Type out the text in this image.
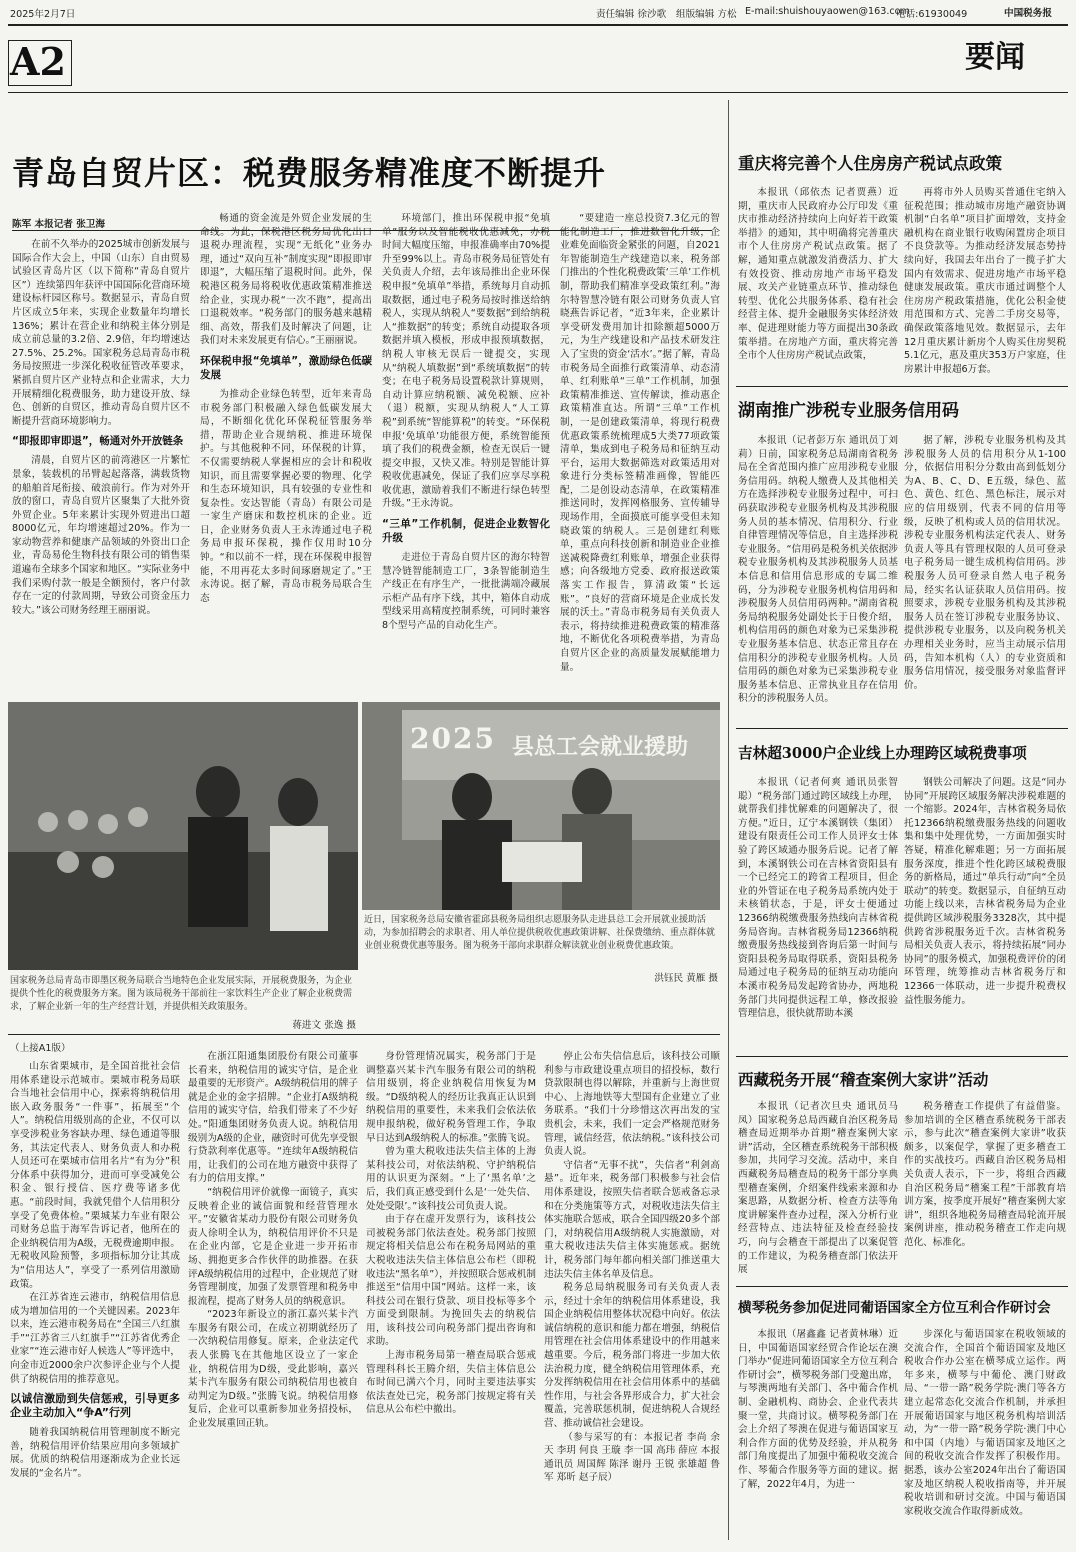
2025年2月7日	责任编辑 徐沙歌 组版编辑 方松 E-mail:shuishouyaowen@163.com
电话:61930049	中国税务报
A2	要闻
青岛自贸片区：税费服务精准度不断提升
陈军 本报记者 张卫海

在前不久举办的2025城市创新发展与国际合作大会上，中国（山东）自由贸易试验区青岛片区（以下简称“青岛自贸片区”）连续第四年获评中国国际化营商环境建设标杆园区称号。数据显示，青岛自贸片区成立5年来，实现企业数量年均增长136%；累计在营企业和纳税主体分别是成立前总量的3.2倍、2.9倍，年均增速达27.5%、25.2%。国家税务总局青岛市税务局按照进一步深化税收征管改革要求，紧抓自贸片区产业特点和企业需求，大力开展精细化税费服务，助力建设开放、绿色、创新的自贸区，推动青岛自贸片区不断提升营商环境影响力。

“即报即审即退”，畅通对外开放链条

清晨，自贸片区的前湾港区一片繁忙景象，装载机的吊臂起起落落，满载货物的船舶首尾衔接、破浪前行。作为对外开放的窗口，青岛自贸片区聚集了大批外资外贸企业。5年来累计实现外贸进出口超8000亿元，年均增速超过20%。作为一家动物营养和健康产品领域的外资出口企业，青岛易伦生物科技有限公司的销售渠道遍布全球多个国家和地区。“实际业务中我们采购付款一般是全额预付，客户付款存在一定的付款周期，导致公司资金压力较大。”该公司财务经理王丽丽说。

畅通的资金流是外贸企业发展的生命线。为此，保税港区税务局优化出口退税办理流程，实现“无纸化”业务办理，通过“双向互补”制度实现“即报即审即退”，大幅压缩了退税时间。此外，保税港区税务局将税收优惠政策精准推送给企业，实现办税“一次不跑”，提高出口退税效率。“税务部门的服务越来越精细、高效，帮我们及时解决了问题，让我们对未来发展更有信心。”王丽丽说。

环保税申报“免填单”，激励绿色低碳发展

为推动企业绿色转型，近年来青岛市税务部门积极融入绿色低碳发展大局，不断细化优化环保税征管服务举措，帮助企业合规纳税、推进环境保护。与其他税种不同，环保税的计算，不仅需要纳税人掌握相应的会计和税收知识，而且需要掌握必要的物理、化学和生态环境知识，具有较强的专业性和复杂性。安达智能（青岛）有限公司是一家生产磨床和数控机床的企业。近日，企业财务负责人王永涛通过电子税务局申报环保税，操作仅用时10分钟。“和以前不一样，现在环保税申报智能，不用再花太多时间琢磨规定了。”王永涛说。据了解，青岛市税务局联合生态

环境部门，推出环保税申报“免填单”服务以及智能税收优惠减免，办税时间大幅度压缩，申报准确率由70%提升至99%以上。青岛市税务局征管处有关负责人介绍，去年该局推出企业环保税申报“免填单”举措，系统每月自动抓取数据，通过电子税务局按时推送给纳税人，实现从纳税人“要数据”到给纳税人“推数据”的转变；系统自动提取各项数据并填入模板，形成申报预填数据，纳税人审核无误后一键提交，实现从“纳税人填数据”到“系统填数据”的转变；在电子税务局设置税款计算规则，自动计算应纳税额、减免税额、应补（退）税额，实现从纳税人“人工算税”到系统“智能算税”的转变。“环保税申报‘免填单’功能很方便，系统智能预填了我们的税费金额，检查无误后一键提交申报，又快又准。特别是智能计算税收优惠减免，保证了我们应享尽享税收优惠，激励着我们不断进行绿色转型升级。”王永涛说。

“三单”工作机制，促进企业数智化升级

走进位于青岛自贸片区的海尔特智慧冷链智能制造工厂，3条智能制造生产线正在有序生产，一批批满端冷藏展示柜产品有序下线，其中，箱体自动成型线采用高精度控制系统，可同时兼容8个型号产品的自动化生产。

“要建造一座总投资7.3亿元的智能化制造工厂，推进数智化升级，企业难免面临资金紧张的问题，自2021年智能制造生产线建造以来，税务部门推出的个性化税费政策‘三单’工作机制，帮助我们精准享受政策红利。”海尔特智慧冷链有限公司财务负责人官晓燕告诉记者，“近3年来，企业累计享受研发费用加计扣除额超5000万元，为生产线建设和产品技术研发注入了宝贵的资金‘活水’。”据了解，青岛市税务局全面推行政策清单、动态清单、红利账单“三单”工作机制，加强政策精准推送、宣传解读，推动惠企政策精准直达。所谓“三单”工作机制，一是创建政策清单，将现行税费优惠政策系统梳理成5大类77项政策清单，集成到电子税务局和征纳互动平台，运用大数据筛选对政策适用对象进行分类标签精准画像，智能匹配，二是创设动态清单，在政策精准推送同时，发挥网格服务、宣传辅导现场作用，全面摸底可能享受但未知晓政策的纳税人。三是创建红利账单，重点向科技创新和制造业企业推送减税降费红利账单，增强企业获得感；向各级地方党委、政府报送政策落实工作报告，算清政策“长远账”。“良好的营商环境是企业成长发展的沃土。”青岛市税务局有关负责人表示，将持续推进税费政策的精准落地，不断优化各项税费举措，为青岛自贸片区企业的高质量发展赋能增力量。

2025 县总工会就业援助
国家税务总局青岛市即墨区税务局联合当地特色企业发展实际，开展税费服务，为企业提供个性化的税费服务方案。图为该局税务干部前往一家饮料生产企业了解企业税费需求，了解企业新一年的生产经营计划，并提供相关政策服务。
蒋进文 张逸 摄
近日，国家税务总局安徽省霍邱县税务局组织志愿服务队走进县总工会开展就业援助活动，为参加招聘会的求职者、用人单位提供税收优惠政策讲解、社保费缴纳、重点群体就业创业税费优惠等服务。图为税务干部向求职群众解读就业创业税费优惠政策。
洪钰民 黄雁 摄
（上接A1版）

山东省栗城市，是全国首批社会信用体系建设示范城市。栗城市税务局联合当地社会信用中心，探索将纳税信用嵌入政务服务“一件事”，拓展至“个人”。纳税信用级别高的企业，不仅可以享受涉税业务容缺办理、绿色通道等服务，其法定代表人、财务负责人和办税人员还可在栗城市信用名片“有为分”积分体系中获得加分，进而可享受减免公积金、银行授信、医疗费等诸多优惠。“前段时间，我就凭借个人信用积分享受了免费体检。”栗城某力车业有限公司财务总监于海军告诉记者，他所在的企业纳税信用为A级，无税费逾期申报。无税收风险预警，多项指标加分让其成为“信用达人”，享受了一系列信用激励政策。

在江苏省连云港市，纳税信用信息成为增加信用的一个关键因素。2023年以来，连云港市税务局在“全国三八红旗手”“江苏省三八红旗手”“江苏省优秀企业家”“连云港市好人候选人”等评选中，向金市近2000余户次参评企业与个人提供了纳税信用的推荐意见。

以诚信激励到失信惩戒，引导更多企业主动加入“争A”行列

随着我国纳税信用管理制度不断完善，纳税信用评价结果应用向多领域扩展。优质的纳税信用逐渐成为企业长远发展的“金名片”。

在浙江阳通集团股份有限公司董事长看来，纳税信用的诚实守信，是企业最重要的无形资产。A级纳税信用的牌子就是企业的金字招牌。“企业打A级纳税信用的诚实守信，给我们带来了不少好处。”阳通集团财务负责人说。纳税信用级别为A级的企业，融资时可优先享受银行贷款利率优惠等。“连续年A级纳税信用，让我们的公司在地方融资中获得了有力的信用支撑。”

“纳税信用评价就像一面镜子，真实反映着企业的诚信面貌和经营管理水平。”安徽省某动力股份有限公司财务负责人徐明全认为，纳税信用评价不只是在企业内部，它是企业进一步开拓市场、拥抱更多合作伙伴的助推器。在获评A级纳税信用的过程中，企业规范了财务管理制度，加强了发票管理和税务申报流程，提高了财务人员的纳税意识。

“2023年新设立的浙江嘉兴某卡汽车服务有限公司，在成立初期就经历了一次纳税信用修复。原来，企业法定代表人张腾飞在其他地区设立了一家企业，纳税信用为D级，受此影响，嘉兴某卡汽车服务有限公司纳税信用也被自动判定为D级。”张腾飞说。纳税信用修复后，企业可以重新参加业务招投标，企业发展重回正轨。

身份管理情况属实，税务部门于是调整嘉兴某卡汽车服务有限公司的纳税信用级别，将企业纳税信用恢复为M级。“D级纳税人的经历让我真正认识到纳税信用的重要性，未来我们会依法依规申报纳税，做好税务管理工作，争取早日达到A级纳税人的标准。”张腾飞说。

曾为重大税收违法失信主体的上海某科技公司，对依法纳税、守护纳税信用的认识更为深刻。“上了‘黑名单’之后，我们真正感受到什么是‘一处失信、处处受限’。”该科技公司负责人说。

由于存在虚开发票行为，该科技公司被税务部门依法查处。税务部门按照规定将相关信息公布在税务局网站的重大税收违法失信主体信息公布栏（即税收违法“黑名单”），并按照联合惩戒机制推送至“信用中国”网站。这样一来，该科技公司在银行贷款、项目投标等多个方面受到限制。为挽回失去的纳税信用，该科技公司向税务部门提出咨询和求助。

上海市税务局第一稽查局联合惩戒管理科科长王腾介绍，失信主体信息公布时间已满六个月，同时主要违法事实依法查处已完，税务部门按规定将有关信息从公布栏中撤出。

停止公布失信信息后，该科技公司顺利参与市政建设重点项目的招投标，数行贷款限制也得以解除，并重新与上海世贸中心、上海地铁等大型国有企业建立了业务联系。“我们十分珍惜这次再出发的宝贵机会，未来，我们一定会严格规范财务管理，诚信经营，依法纳税。”该科技公司负责人说。

守信者“无事不扰”，失信者“利剑高悬”。近年来，税务部门积极参与社会信用体系建设，按照失信者联合惩戒备忘录和在分类施策等方式，对税收违法失信主体实施联合惩戒，联合全国四级20多个部门，对纳税信用A级纳税人实施激励，对重大税收违法失信主体实施惩戒。据统计，税务部门每年都向相关部门推送重大违法失信主体名单及信息。

税务总局纳税服务司有关负责人表示，经过十余年的纳税信用体系建设，我国企业纳税信用整体状况稳中向好。依法诚信纳税的意识和能力都在增强，纳税信用管理在社会信用体系建设中的作用越来越重要。今后，税务部门将进一步加大依法治税力度，健全纳税信用管理体系，充分发挥纳税信用在社会信用体系中的基础性作用，与社会各界形成合力，扩大社会覆盖，完善联惩机制，促进纳税人合规经营、推动诚信社会建设。

（参与采写的有：本报记者 李尚 余天 李玥 何良 王璇 李一国 高玮 薛应 本报通讯员 周国辉 陈泽 谢丹 王锐 张雄超 鲁军 郑昕 赵子辰）

重庆将完善个人住房房产税试点政策
本报讯（邱依杰 记者贾燕）近期，重庆市人民政府办公厅印发《重庆市推动经济持续向上向好若干政策举措》的通知，其中明确将完善重庆市个人住房房产税试点政策。据了解，通知重点就激发消费活力、扩大有效投资、推动房地产市场平稳发展、攻关产业链重点环节、推动绿色转型、优化公共服务体系、稳有社会经营主体、提升金融服务实体经济效率、促进理财能力等方面提出30条政策举措。在房地产方面，重庆将完善全市个人住房房产税试点政策，
再将市外人员购买普通住宅纳入征税范围；推动城市房地产融资协调机制“白名单”项目扩面增效，支持金融机构在商业银行收购闲置房企项目不良贷款等。为推动经济发展态势持续向好，我国去年出台了一揽子扩大国内有效需求、促进房地产市场平稳健康发展政策。重庆市通过调整个人住房房产税政策措施，优化公积金使用范围和方式、完善二手房交易等，确保政策落地见效。数据显示，去年12月重庆累计新房个人购买住房契税5.1亿元，惠及重庆353万户家庭，住房累计申报超6万套。
湖南推广涉税专业服务信用码
本报讯（记者彭万东 通讯员丁刘莉）日前，国家税务总局湖南省税务局在全省范围内推广应用涉税专业服务信用码。纳税人缴费人及其他相关方在选择涉税专业服务过程中，可扫码获取涉税专业服务机构及其涉税服务人员的基本情况、信用积分、行业自律管理情况等信息，自主选择涉税专业服务。“信用码是税务机关依据涉税专业服务机构及其涉税服务人员基本信息和信用信息形成的专属二维码，分为涉税专业服务机构信用码和涉税服务人员信用码两种。”湖南省税务局纳税服务处副处长于日俊介绍，机构信用码的颜色对象为已采集涉税专业服务基本信息、状态正常且存在信用积分的涉税专业服务机构。人员信用码的颜色对象为已采集涉税专业服务基本信息、正常执业且存在信用积分的涉税服务人员。
据了解，涉税专业服务机构及其涉税服务人员的信用积分从1-100分，依据信用积分分数由高到低划分为A、B、C、D、E五级，绿色、蓝色、黄色、红色、黑色标注，展示对应的信用级别，代表不同的信用等级，反映了机构或人员的信用状况。涉税专业服务机构法定代表人、财务负责人等具有管理权限的人员可登录电子税务局一键生成机构信用码。涉税服务人员可登录自然人电子税务局，经实名认证获取人员信用码。按照要求，涉税专业服务机构及其涉税服务人员在签订涉税专业服务协议、提供涉税专业服务，以及向税务机关办理相关业务时，应当主动展示信用码，告知本机构（人）的专业资质和服务信用情况，接受服务对象监督评价。
吉林超3000户企业线上办理跨区域税费事项
本报讯（记者何爽 通讯员张智聪）“税务部门通过跨区域线上办理，就帮我们排忧解难的问题解决了，很方便。”近日，辽宁本溪钢铁（集团）建设有限责任公司工作人员评女士体验了跨区域通办服务后说。记者了解到，本溪钢铁公司在吉林省资阳县有一个已经完工的跨省工程项目，但企业的外管证在电子税务局系统内处于未核销状态，于是，评女士便通过12366纳税缴费服务热线向吉林省税务局咨询。吉林省税务局12366纳税缴费服务热线接到咨询后第一时间与资阳县税务局取得联系，资阳县税务局通过电子税务局的征纳互动功能向本溪市税务局发起跨省协办，两地税务部门共同提供远程工单，修改报验管理信息，很快就帮助本溪
钢铁公司解决了问题。这是“同办协同”开展跨区域服务解决涉税难题的一个缩影。2024年，吉林省税务局依托12366纳税缴费服务热线的问题收集和集中处理优势，一方面加强实时答疑，精准化解难题；另一方面拓展服务深度，推进个性化跨区域税费服务的新格局，通过“单兵行动”向“全员联动”的转变。数据显示，自征纳互动功能上线以来，吉林省税务局为企业提供跨区域涉税服务3328次，其中提供跨省涉税服务近千次。吉林省税务局相关负责人表示，将持续拓展“同办协同”的服务模式，加强税费评价的闭环管理，统筹推动吉林省税务厅和12366一体联动，进一步提升税费权益性服务能力。
西藏税务开展“稽查案例大家讲”活动
本报讯（记者次旦央 通讯员马凤）国家税务总局西藏自治区税务局稽查局近期举办首期“稽查案例大家讲”活动，全区稽查系统税务干部积极参加，共同学习交流。活动中，来自西藏税务局稽查局的税务干部分享典型稽查案例，介绍案件线索来源和办案思路，从数据分析、检查方法等角度讲解案件查办过程，深入分析行业经营特点、违法特征及检查经验技巧，向与会稽查干部提出了以案促管的工作建议，为税务稽查部门依法开展
税务稽查工作提供了有益借鉴。参加培训的全区稽查系统税务干部表示，参与此次“稽查案例大家讲”收获颇多，以案促学，掌握了更多稽查工作的实战技巧。西藏自治区税务局相关负责人表示，下一步，将组合西藏自治区税务局“稽案工程”干部教育培训方案，按季度开展好“稽查案例大家讲”，组织各地税务局稽查局轮流开展案例讲座，推动税务稽查工作走向规范化、标准化。
横琴税务参加促进同葡语国家全方位互利合作研讨会
本报讯（屠鑫鑫 记者黄林琳）近日，中国葡语国家经贸合作论坛在澳门举办“促进同葡语国家全方位互利合作研讨会”，横琴税务部门受邀出席，与琴澳两地有关部门、各中葡合作机制、金融机构、商协会、企业代表共聚一堂，共商讨议。横琴税务部门在会上介绍了琴澳在促进与葡语国家互利合作方面的优势及经验，并从税务部门角度提出了加强中葡税收交流合作、琴葡合作服务等方面的建议。据了解，2022年4月，为进一
步深化与葡语国家在税收领域的交流合作，全国首个葡语国家及地区税收合作办公室在横琴成立运作。两年多来，横琴与中葡伦、澳门财政局、“一带一路”税务学院·澳门等各方建立起常态化交流合作机制，并承担开展葡语国家与地区税务机构培训活动，为“一带一路”税务学院·澳门中心和中国（内地）与葡语国家及地区之间的税收交流合作发挥了积极作用。据悉，该办公室2024年出台了葡语国家及地区纳税人税收指南等，并开展税收培训和研讨交流。中国与葡语国家税收交流合作取得新成效。
